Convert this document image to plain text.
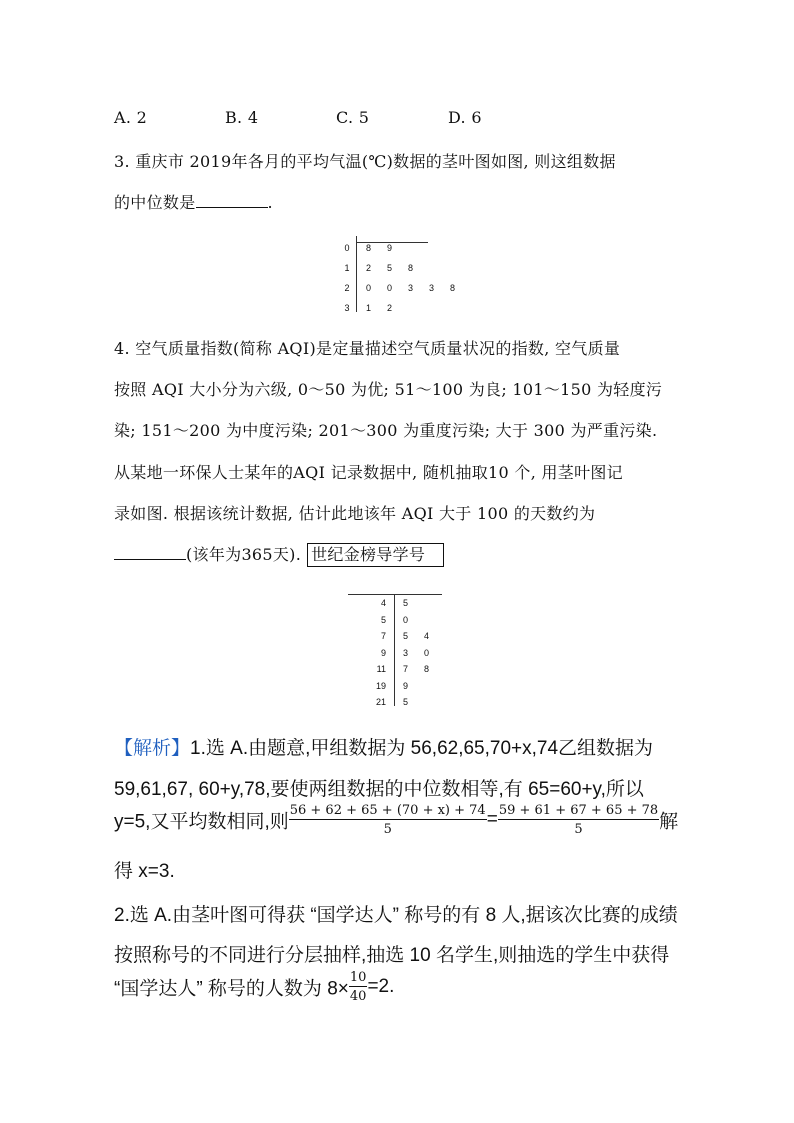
A. 2	B. 4	C. 5	D. 6
3. 重庆市 2019年各月的平均气温(℃)数据的茎叶图如图, 则这组数据
的中位数是	.
0 8 9
1 2 5 8
2 0 0 3 3 8
3 1 2
4. 空气质量指数(简称 AQI)是定量描述空气质量状况的指数, 空气质量
按照 AQI 大小分为六级, 0～50 为优; 51～100 为良; 101～150 为轻度污
染; 151～200 为中度污染; 201～300 为重度污染; 大于 300 为严重污染.
从某地一环保人士某年的AQI 记录数据中, 随机抽取10 个, 用茎叶图记
录如图. 根据该统计数据, 估计此地该年 AQI 大于 100 的天数约为
(该年为365天). 世纪金榜导学号
4 5
5 0
7 5 4
9 3 0
11 7 8
19 9
21 5
【解析】1.选 A.由题意,甲组数据为 56,62,65,70+x,74乙组数据为
59,61,67, 60+y,78,要使两组数据的中位数相等,有 65=60+y,所以
y=5,又平均数相同,则 $\frac{56 + 62 + 65 + (70 + x) + 74}{5} = \frac{59 + 61 + 67 + 65 + 78}{5}$ 解
得 x=3.
2.选 A.由茎叶图可得获 “国学达人” 称号的有 8 人,据该次比赛的成绩
按照称号的不同进行分层抽样,抽选 10 名学生,则抽选的学生中获得
“国学达人” 称号的人数为 $8\times \frac{10}{40} =2$.
